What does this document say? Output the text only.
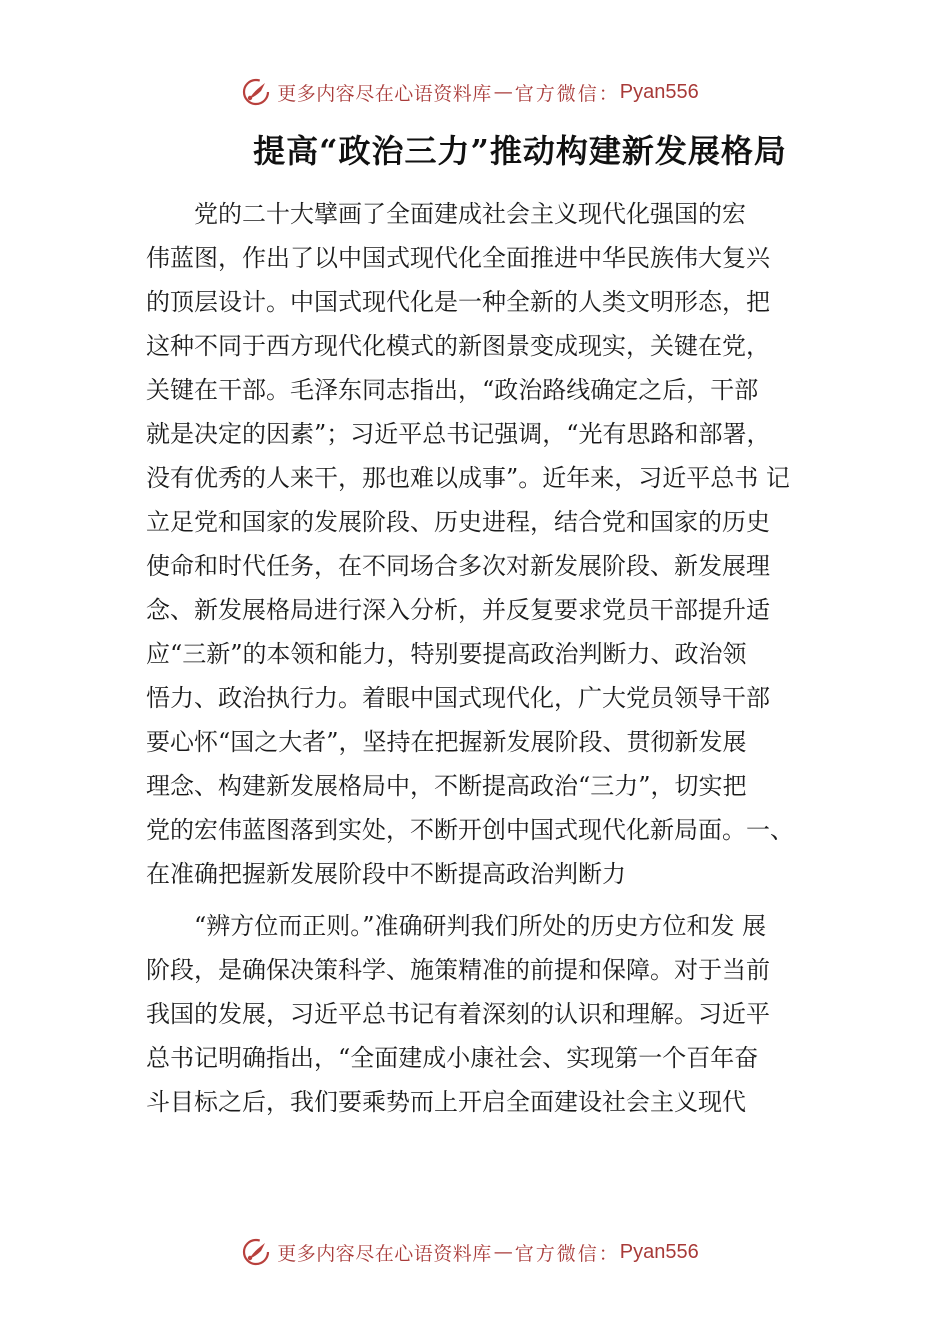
更多内容尽在心语资料库 — 官方微信： Pyan556
提高“政治三力”推动构建新发展格局
　　党的二十大擘画了全面建成社会主义现代化强国的宏
伟蓝图，作出了以中国式现代化全面推进中华民族伟大复兴
的顶层设计。中国式现代化是一种全新的人类文明形态，把
这种不同于西方现代化模式的新图景变成现实，关键在党，
关键在干部。毛泽东同志指出，“政治路线确定之后，干部
就是决定的因素”；习近平总书记强调，“光有思路和部署，
没有优秀的人来干，那也难以成事”。近年来，习近平总书 记
立足党和国家的发展阶段、历史进程，结合党和国家的历史
使命和时代任务，在不同场合多次对新发展阶段、新发展理
念、新发展格局进行深入分析，并反复要求党员干部提升适
应“三新”的本领和能力，特别要提高政治判断力、政治领
悟力、政治执行力。着眼中国式现代化，广大党员领导干部
要心怀“国之大者”，坚持在把握新发展阶段、贯彻新发展
理念、构建新发展格局中，不断提高政治“三力”，切实把
党的宏伟蓝图落到实处，不断开创中国式现代化新局面。一、
在准确把握新发展阶段中不断提高政治判断力
　　“辨方位而正则。”准确研判我们所处的历史方位和发 展
阶段，是确保决策科学、施策精准的前提和保障。对于当前
我国的发展，习近平总书记有着深刻的认识和理解。习近平
总书记明确指出，“全面建成小康社会、实现第一个百年奋
斗目标之后，我们要乘势而上开启全面建设社会主义现代
更多内容尽在心语资料库 — 官方微信： Pyan556
